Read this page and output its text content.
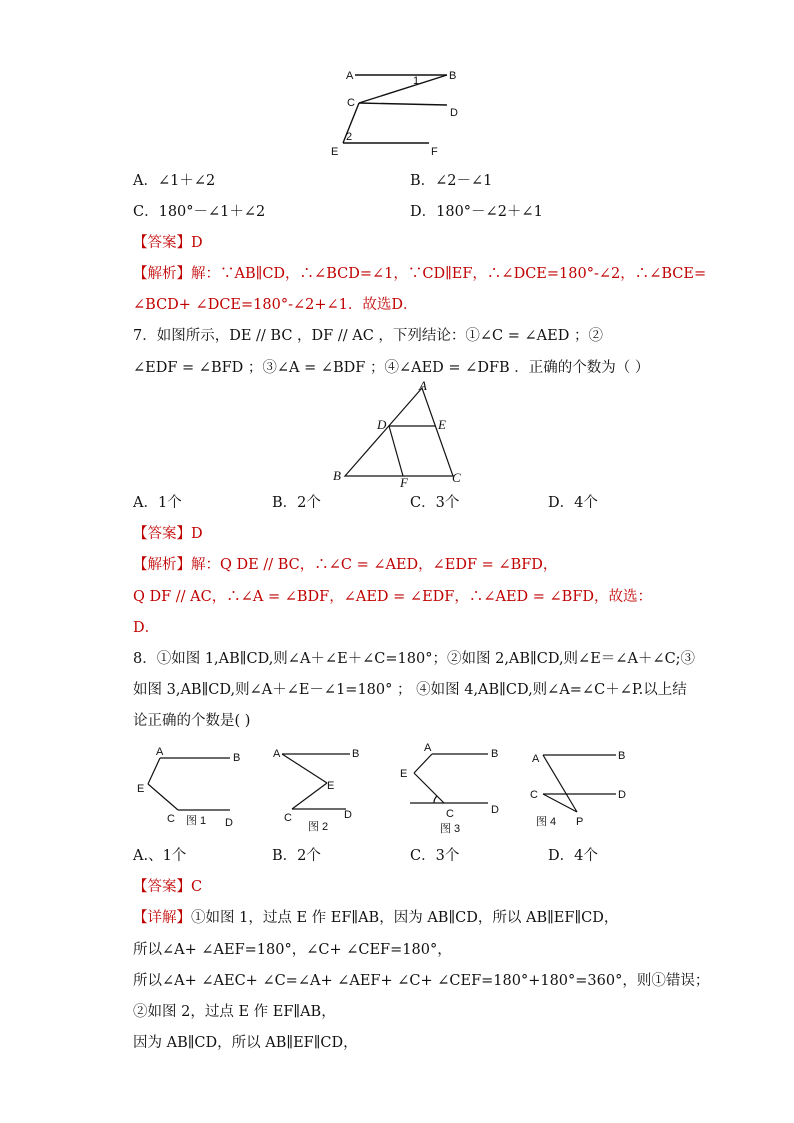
A	B
C
D
E	F
1
2
A．∠1＋∠2	B．∠2－∠1
C．180°－∠1＋∠2	D．180°－∠2＋∠1
【答案】D
【解析】解：∵AB∥CD，∴∠BCD=∠1，∵CD∥EF，∴∠DCE=180°-∠2，∴∠BCE=
∠BCD+ ∠DCE=180°-∠2+∠1．故选D．
7．如图所示，DE // BC ，DF // AC ，下列结论：①∠C = ∠AED ；②
∠EDF = ∠BFD ；③∠A = ∠BDF ；④∠AED = ∠DFB ．正确的个数为（ ）
A
D	E
B	F	C
A．1个	B．2个	C．3个	D．4个
【答案】D
【解析】解：Q DE // BC，∴∠C = ∠AED，∠EDF = ∠BFD，
Q DF // AC，∴∠A = ∠BDF，∠AED = ∠EDF，∴∠AED = ∠BFD，故选：
D．
8．①如图 1,AB∥CD,则∠A＋∠E＋∠C=180°；②如图 2,AB∥CD,则∠E＝∠A＋∠C;③
如图 3,AB∥CD,则∠A＋∠E－∠1=180° ； ④如图 4,AB∥CD,则∠A=∠C＋∠P.以上结
论正确的个数是( )
A	B
E
C	D
图 1
A	B
E
C	D
图 2
A	B
E
C	D
图 3
A	B
C	D
P
图 4
A.、1个	B．2个	C．3个	D．4个
【答案】C
【详解】①如图 1，过点 E 作 EF∥AB，因为 AB∥CD，所以 AB∥EF∥CD，
所以∠A+ ∠AEF=180°，∠C+ ∠CEF=180°，
所以∠A+ ∠AEC+ ∠C=∠A+ ∠AEF+ ∠C+ ∠CEF=180°+180°=360°，则①错误；
②如图 2，过点 E 作 EF∥AB，
因为 AB∥CD，所以 AB∥EF∥CD，
